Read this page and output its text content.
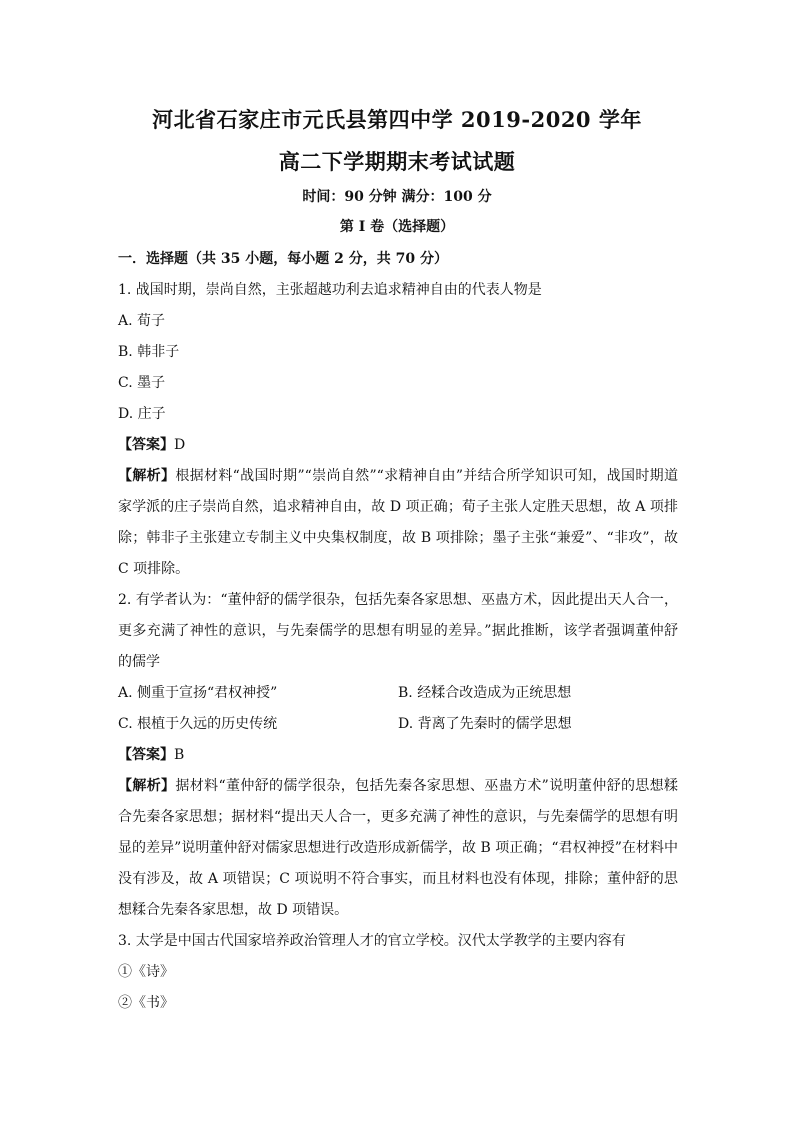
河北省石家庄市元氏县第四中学 2019-2020 学年
高二下学期期末考试试题
时间：90 分钟 满分：100 分
第 I 卷（选择题）
一．选择题（共 35 小题，每小题 2 分，共 70 分）
1. 战国时期，崇尚自然，主张超越功利去追求精神自由的代表人物是
A. 荀子
B. 韩非子
C. 墨子
D. 庄子
【答案】D
【解析】根据材料“战国时期”“崇尚自然”“求精神自由”并结合所学知识可知，战国时期道家学派的庄子崇尚自然，追求精神自由，故 D 项正确；荀子主张人定胜天思想，故 A 项排除；韩非子主张建立专制主义中央集权制度，故 B 项排除；墨子主张“兼爱”、“非攻”，故 C 项排除。
2. 有学者认为：“董仲舒的儒学很杂，包括先秦各家思想、巫蛊方术，因此提出天人合一，更多充满了神性的意识，与先秦儒学的思想有明显的差异。”据此推断，该学者强调董仲舒的儒学
A. 侧重于宣扬“君权神授”	B. 经糅合改造成为正统思想
C. 根植于久远的历史传统	D. 背离了先秦时的儒学思想
【答案】B
【解析】据材料“董仲舒的儒学很杂，包括先秦各家思想、巫蛊方术”说明董仲舒的思想糅合先秦各家思想；据材料“提出天人合一，更多充满了神性的意识，与先秦儒学的思想有明显的差异”说明董仲舒对儒家思想进行改造形成新儒学，故 B 项正确；“君权神授”在材料中没有涉及，故 A 项错误；C 项说明不符合事实，而且材料也没有体现，排除；董仲舒的思想糅合先秦各家思想，故 D 项错误。
3. 太学是中国古代国家培养政治管理人才的官立学校。汉代太学教学的主要内容有
①《诗》
②《书》
